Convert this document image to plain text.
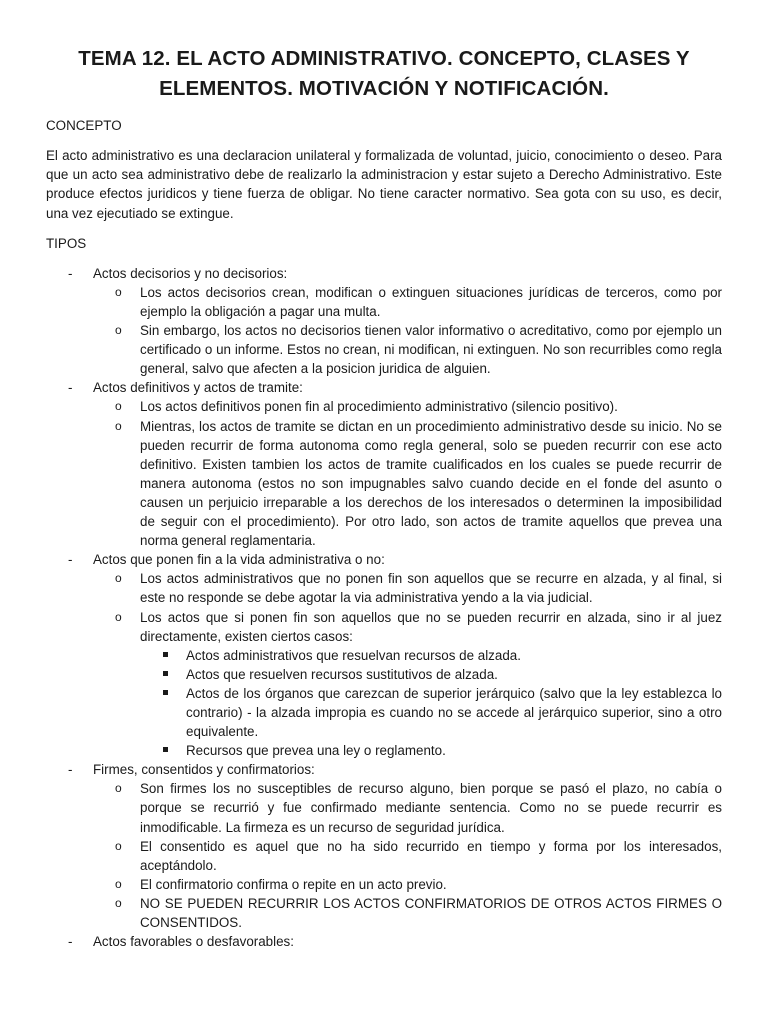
TEMA 12. EL ACTO ADMINISTRATIVO. CONCEPTO, CLASES Y ELEMENTOS. MOTIVACIÓN Y NOTIFICACIÓN.
CONCEPTO

El acto administrativo es una declaracion unilateral y formalizada de voluntad, juicio, conocimiento o deseo. Para que un acto sea administrativo debe de realizarlo la administracion y estar sujeto a Derecho Administrativo. Este produce efectos juridicos y tiene fuerza de obligar. No tiene caracter normativo. Sea gota con su uso, es decir, una vez ejecutiado se extingue.

TIPOS
- Actos decisorios y no decisorios:
o Los actos decisorios crean, modifican o extinguen situaciones jurídicas de terceros, como por ejemplo la obligación a pagar una multa.
o Sin embargo, los actos no decisorios tienen valor informativo o acreditativo, como por ejemplo un certificado o un informe. Estos no crean, ni modifican, ni extinguen. No son recurribles como regla general, salvo que afecten a la posicion juridica de alguien.
- Actos definitivos y actos de tramite:
o Los actos definitivos ponen fin al procedimiento administrativo (silencio positivo).
o Mientras, los actos de tramite se dictan en un procedimiento administrativo desde su inicio. No se pueden recurrir de forma autonoma como regla general, solo se pueden recurrir con ese acto definitivo. Existen tambien los actos de tramite cualificados en los cuales se puede recurrir de manera autonoma (estos no son impugnables salvo cuando decide en el fonde del asunto o causen un perjuicio irreparable a los derechos de los interesados o determinen la imposibilidad de seguir con el procedimiento). Por otro lado, son actos de tramite aquellos que prevea una norma general reglamentaria.
- Actos que ponen fin a la vida administrativa o no:
o Los actos administrativos que no ponen fin son aquellos que se recurre en alzada, y al final, si este no responde se debe agotar la via administrativa yendo a la via judicial.
o Los actos que si ponen fin son aquellos que no se pueden recurrir en alzada, sino ir al juez directamente, existen ciertos casos:
Actos administrativos que resuelvan recursos de alzada.
Actos que resuelven recursos sustitutivos de alzada.
Actos de los órganos que carezcan de superior jerárquico (salvo que la ley establezca lo contrario) - la alzada impropia es cuando no se accede al jerárquico superior, sino a otro equivalente.
Recursos que prevea una ley o reglamento.
- Firmes, consentidos y confirmatorios:
o Son firmes los no susceptibles de recurso alguno, bien porque se pasó el plazo, no cabía o porque se recurrió y fue confirmado mediante sentencia. Como no se puede recurrir es inmodificable. La firmeza es un recurso de seguridad jurídica.
o El consentido es aquel que no ha sido recurrido en tiempo y forma por los interesados, aceptándolo.
o El confirmatorio confirma o repite en un acto previo.
o NO SE PUEDEN RECURRIR LOS ACTOS CONFIRMATORIOS DE OTROS ACTOS FIRMES O CONSENTIDOS.
- Actos favorables o desfavorables:
